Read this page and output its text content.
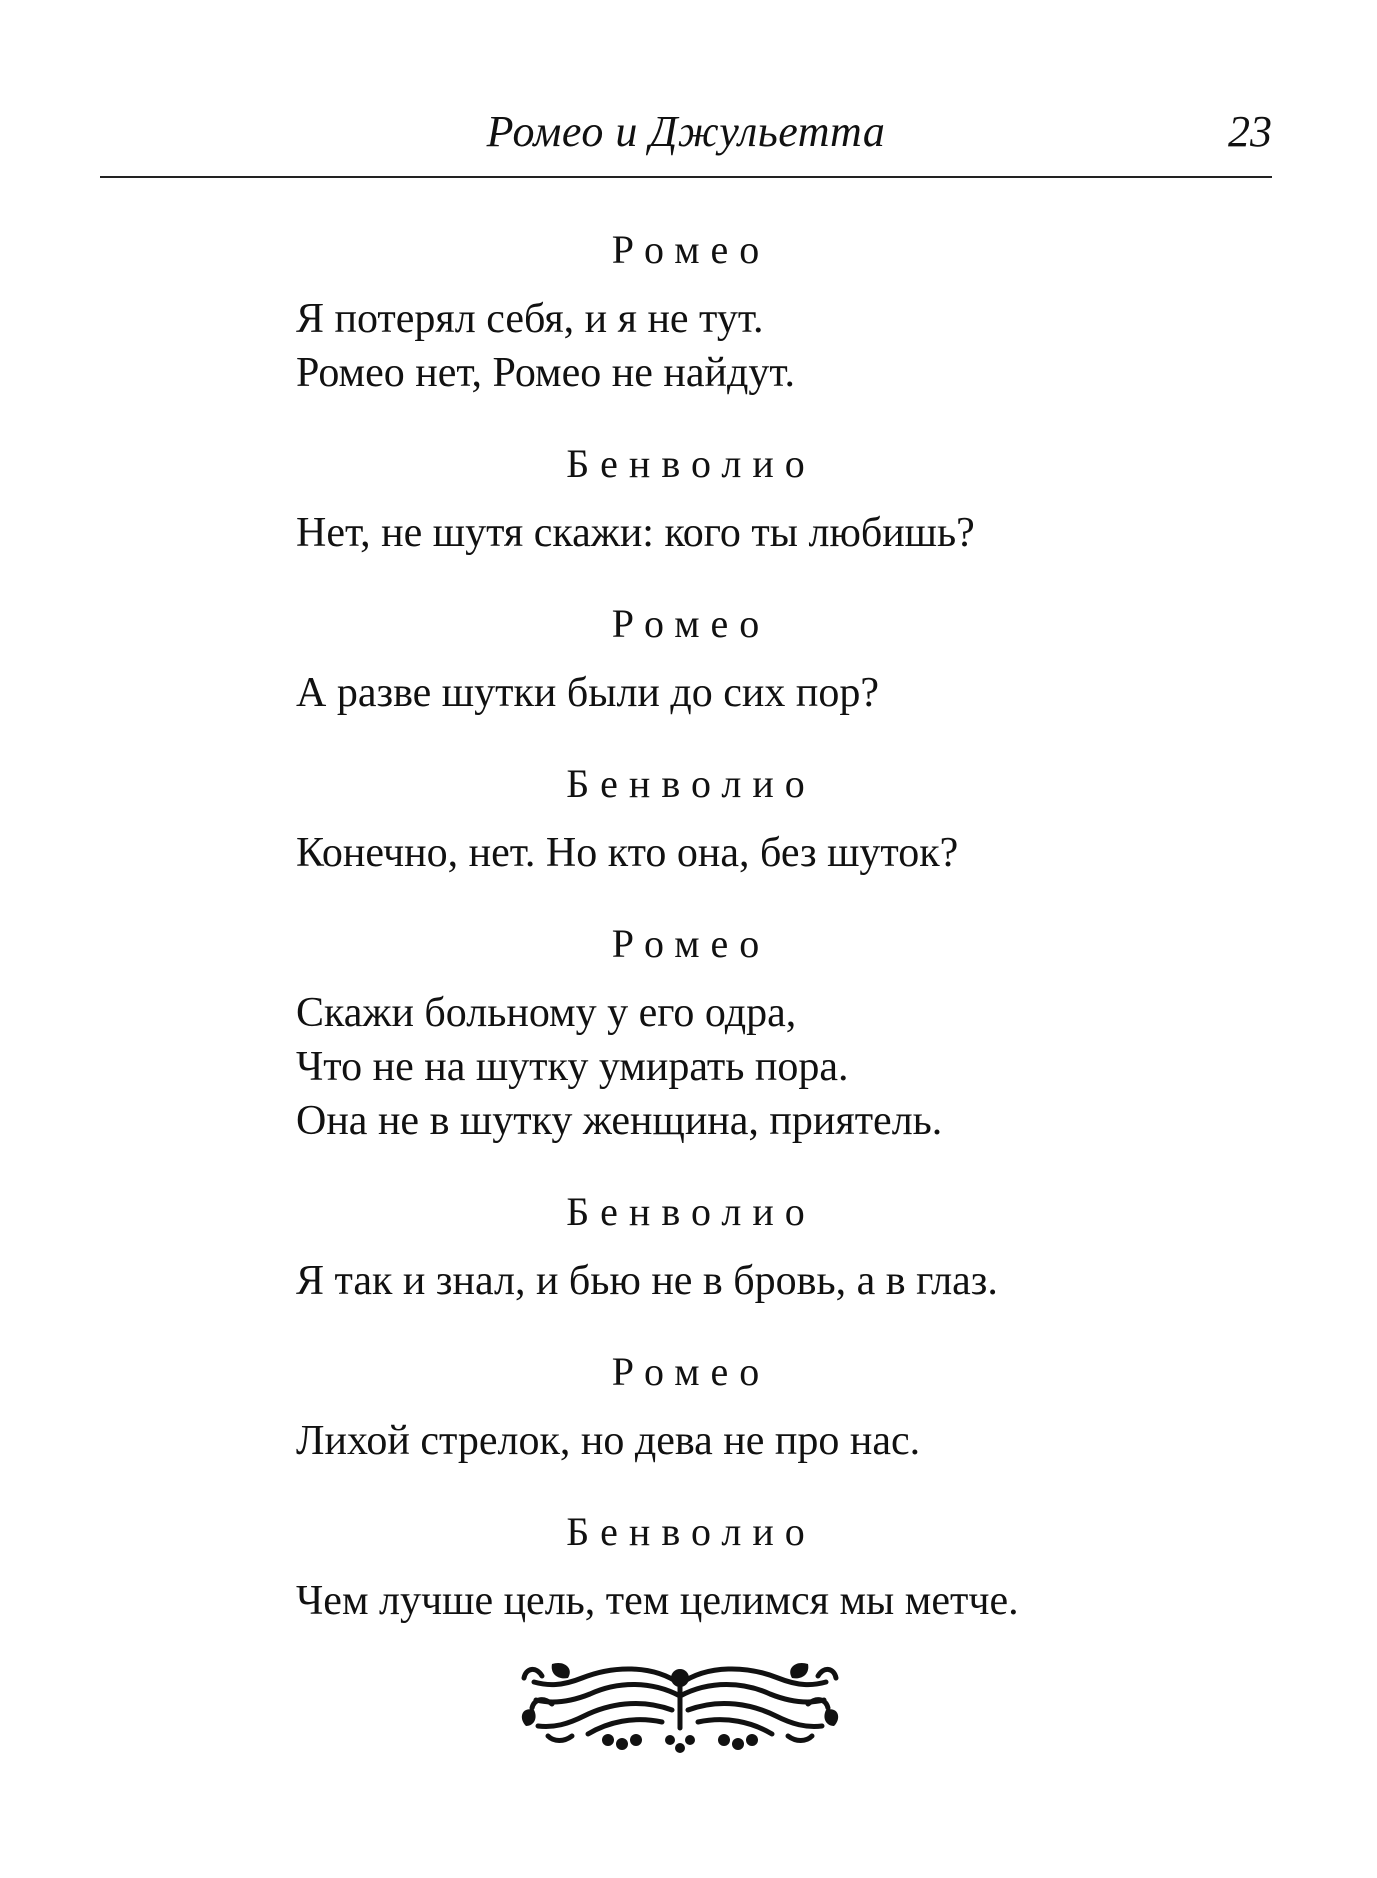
Ромео и Джульетта	23
Ромео
Я потерял себя, и я не тут.
Ромео нет, Ромео не найдут.
Бенволио
Нет, не шутя скажи: кого ты любишь?
Ромео
А разве шутки были до сих пор?
Бенволио
Конечно, нет. Но кто она, без шуток?
Ромео
Скажи больному у его одра,
Что не на шутку умирать пора.
Она не в шутку женщина, приятель.
Бенволио
Я так и знал, и бью не в бровь, а в глаз.
Ромео
Лихой стрелок, но дева не про нас.
Бенволио
Чем лучше цель, тем целимся мы метче.
